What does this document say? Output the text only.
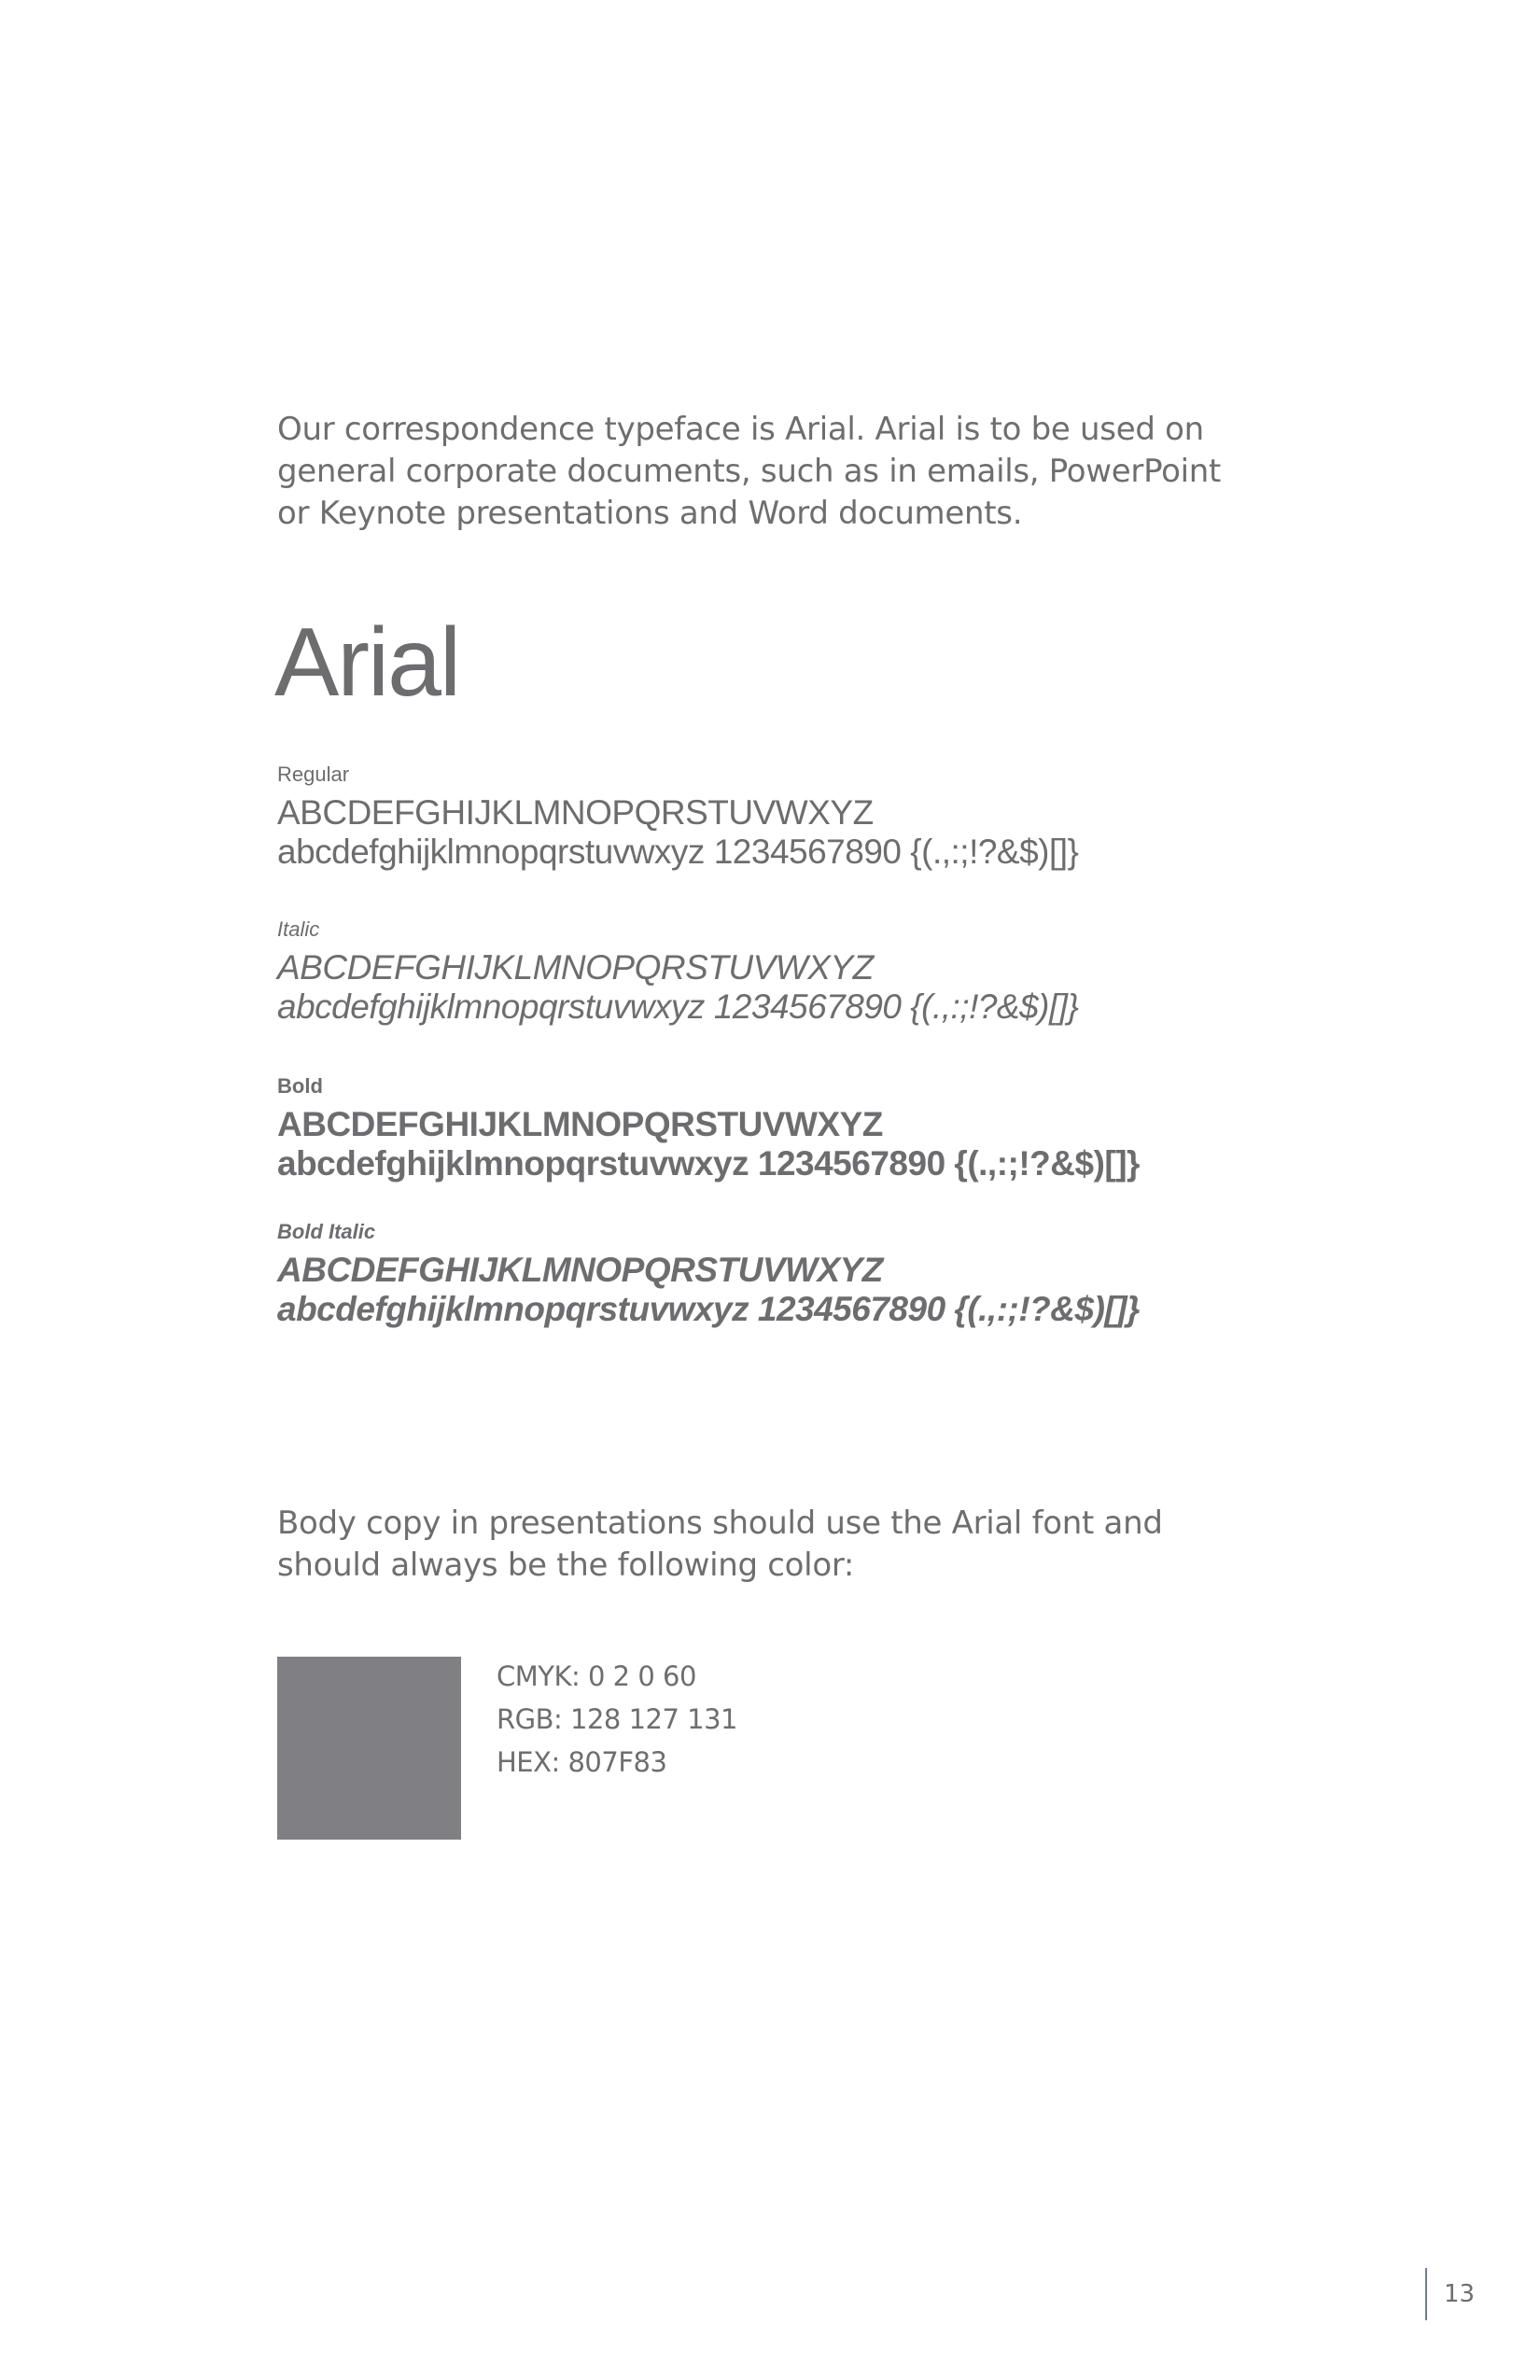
Our correspondence typeface is Arial. Arial is to be used on general corporate documents, such as in emails, PowerPoint or Keynote presentations and Word documents.

Arial
Regular
ABCDEFGHIJKLMNOPQRSTUVWXYZ
abcdefghijklmnopqrstuvwxyz 1234567890 {(.,:;!?&$)[]}
Italic
ABCDEFGHIJKLMNOPQRSTUVWXYZ
abcdefghijklmnopqrstuvwxyz 1234567890 {(.,:;!?&$)[]}
Bold
ABCDEFGHIJKLMNOPQRSTUVWXYZ
abcdefghijklmnopqrstuvwxyz 1234567890 {(.,:;!?&$)[]}
Bold Italic
ABCDEFGHIJKLMNOPQRSTUVWXYZ
abcdefghijklmnopqrstuvwxyz 1234567890 {(.,:;!?&$)[]}

Body copy in presentations should use the Arial font and should always be the following color:

CMYK: 0 2 0 60
RGB: 128 127 131
HEX: 807F83
13
